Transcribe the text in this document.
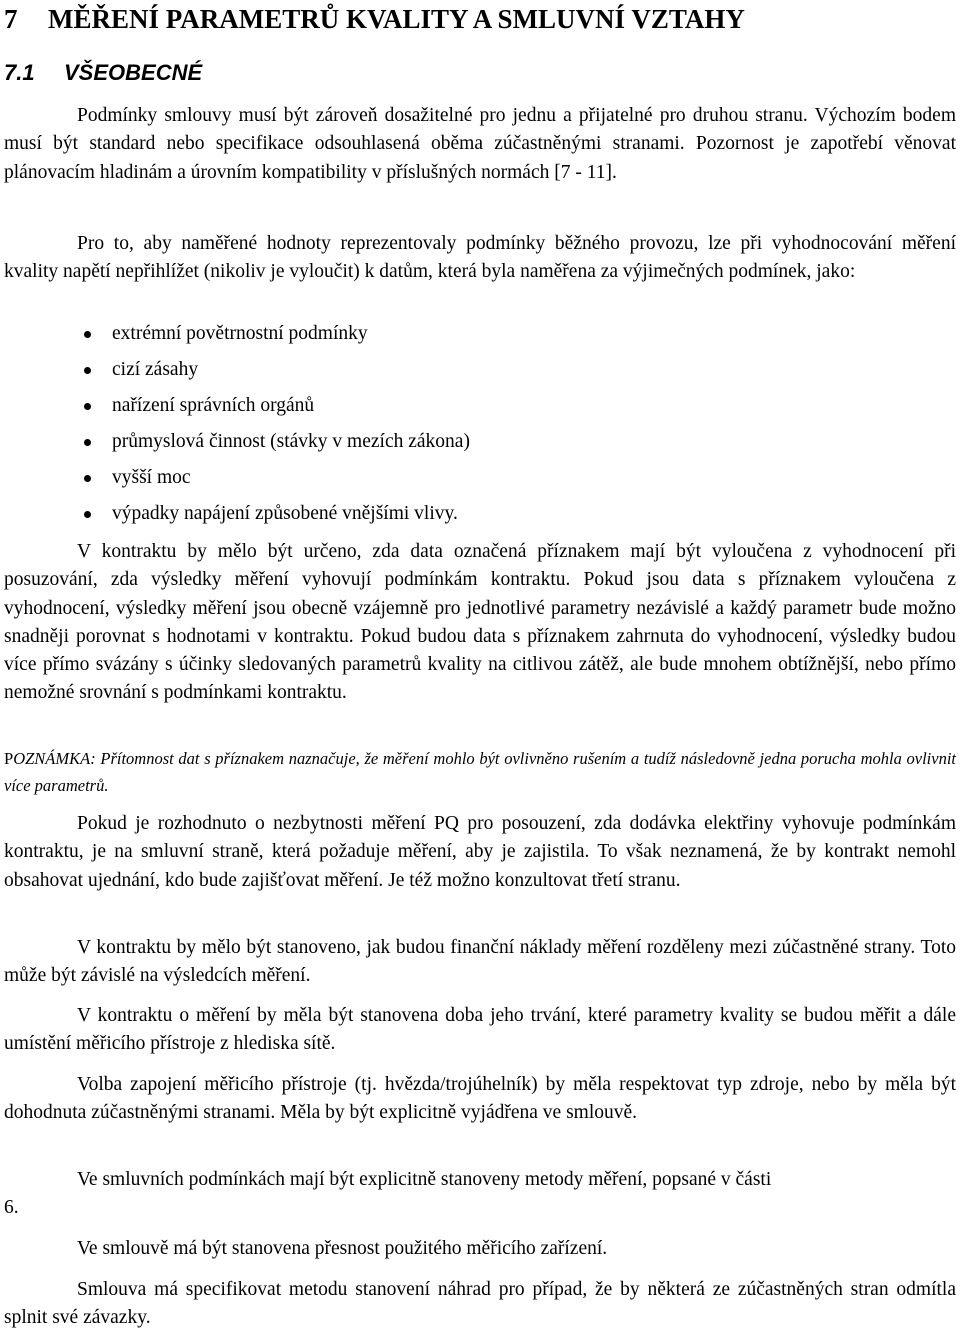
7 MĚŘENÍ PARAMETRŮ KVALITY A SMLUVNÍ VZTAHY
7.1 VŠEOBECNÉ

Podmínky smlouvy musí být zároveň dosažitelné pro jednu a přijatelné pro druhou stranu. Výchozím bodem musí být standard nebo specifikace odsouhlasená oběma zúčastněnými stranami. Pozornost je zapotřebí věnovat plánovacím hladinám a úrovním kompatibility v příslušných normách [7 - 11].

Pro to, aby naměřené hodnoty reprezentovaly podmínky běžného provozu, lze při vyhodnocování měření kvality napětí nepřihlížet (nikoliv je vyloučit) k datům, která byla naměřena za výjimečných podmínek, jako:

extrémní povětrnostní podmínky
cizí zásahy
nařízení správních orgánů
průmyslová činnost (stávky v mezích zákona)
vyšší moc
výpadky napájení způsobené vnějšími vlivy.

V kontraktu by mělo být určeno, zda data označená příznakem mají být vyloučena z vyhodnocení při posuzování, zda výsledky měření vyhovují podmínkám kontraktu. Pokud jsou data s příznakem vyloučena z vyhodnocení, výsledky měření jsou obecně vzájemně pro jednotlivé parametry nezávislé a každý parametr bude možno snadněji porovnat s hodnotami v kontraktu. Pokud budou data s příznakem zahrnuta do vyhodnocení, výsledky budou více přímo svázány s účinky sledovaných parametrů kvality na citlivou zátěž, ale bude mnohem obtížnější, nebo přímo nemožné srovnání s podmínkami kontraktu.

POZNÁMKA: Přítomnost dat s příznakem naznačuje, že měření mohlo být ovlivněno rušením a tudíž následovně jedna porucha mohla ovlivnit více parametrů.

Pokud je rozhodnuto o nezbytnosti měření PQ pro posouzení, zda dodávka elektřiny vyhovuje podmínkám kontraktu, je na smluvní straně, která požaduje měření, aby je zajistila. To však neznamená, že by kontrakt nemohl obsahovat ujednání, kdo bude zajišťovat měření. Je též možno konzultovat třetí stranu.

V kontraktu by mělo být stanoveno, jak budou finanční náklady měření rozděleny mezi zúčastněné strany. Toto může být závislé na výsledcích měření.

V kontraktu o měření by měla být stanovena doba jeho trvání, které parametry kvality se budou měřit a dále umístění měřicího přístroje z hlediska sítě.

Volba zapojení měřicího přístroje (tj. hvězda/trojúhelník) by měla respektovat typ zdroje, nebo by měla být dohodnuta zúčastněnými stranami. Měla by být explicitně vyjádřena ve smlouvě.

Ve smluvních podmínkách mají být explicitně stanoveny metody měření, popsané v části
6.
Ve smlouvě má být stanovena přesnost použitého měřicího zařízení.

Smlouva má specifikovat metodu stanovení náhrad pro případ, že by některá ze zúčastněných stran odmítla splnit své závazky.
